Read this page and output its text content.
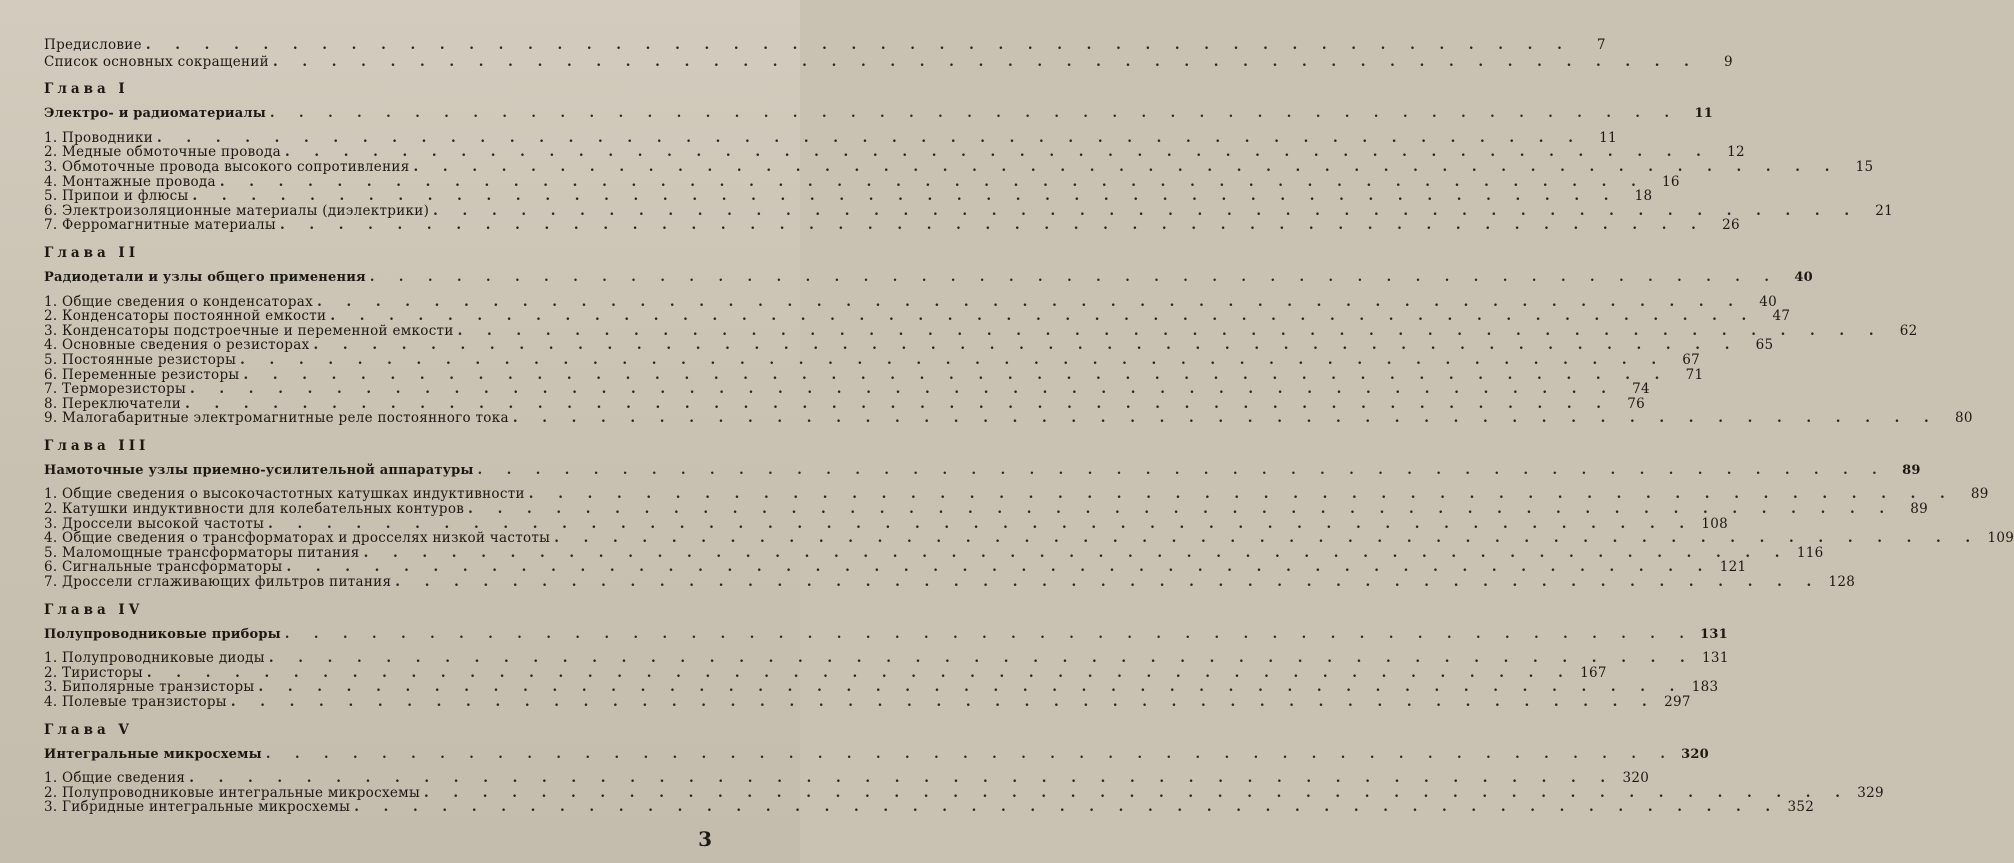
Предисловие . . . . . . . . . . . . . . . . . . . . . . . . . . . . . . . . . . . . . . . . . . . . . . . . .	7
Список основных сокращений . . . . . . . . . . . . . . . . . . . . . . . . . . . . . . . . . . . . . . . . . . . . . . . . .	9
Глава I
Электро- и радиоматериалы . . . . . . . . . . . . . . . . . . . . . . . . . . . . . . . . . . . . . . . . . . . . . . . . .	11
1. Проводники . . . . . . . . . . . . . . . . . . . . . . . . . . . . . . . . . . . . . . . . . . . . . . . . .	11
2. Медные обмоточные провода . . . . . . . . . . . . . . . . . . . . . . . . . . . . . . . . . . . . . . . . . . . . . . . . .	12
3. Обмоточные провода высокого сопротивления . . . . . . . . . . . . . . . . . . . . . . . . . . . . . . . . . . . . . . . . . . . . . . . . .	15
4. Монтажные провода . . . . . . . . . . . . . . . . . . . . . . . . . . . . . . . . . . . . . . . . . . . . . . . . .	16
5. Припои и флюсы . . . . . . . . . . . . . . . . . . . . . . . . . . . . . . . . . . . . . . . . . . . . . . . . .	18
6. Электроизоляционные материалы (диэлектрики) . . . . . . . . . . . . . . . . . . . . . . . . . . . . . . . . . . . . . . . . . . . . . . . . .	21
7. Ферромагнитные материалы . . . . . . . . . . . . . . . . . . . . . . . . . . . . . . . . . . . . . . . . . . . . . . . . .	26
Глава II
Радиодетали и узлы общего применения . . . . . . . . . . . . . . . . . . . . . . . . . . . . . . . . . . . . . . . . . . . . . . . . .	40
1. Общие сведения о конденсаторах . . . . . . . . . . . . . . . . . . . . . . . . . . . . . . . . . . . . . . . . . . . . . . . . .	40
2. Конденсаторы постоянной емкости . . . . . . . . . . . . . . . . . . . . . . . . . . . . . . . . . . . . . . . . . . . . . . . . .	47
3. Конденсаторы подстроечные и переменной емкости . . . . . . . . . . . . . . . . . . . . . . . . . . . . . . . . . . . . . . . . . . . . . . . . .	62
4. Основные сведения о резисторах . . . . . . . . . . . . . . . . . . . . . . . . . . . . . . . . . . . . . . . . . . . . . . . . .	65
5. Постоянные резисторы . . . . . . . . . . . . . . . . . . . . . . . . . . . . . . . . . . . . . . . . . . . . . . . . .	67
6. Переменные резисторы . . . . . . . . . . . . . . . . . . . . . . . . . . . . . . . . . . . . . . . . . . . . . . . . .	71
7. Терморезисторы . . . . . . . . . . . . . . . . . . . . . . . . . . . . . . . . . . . . . . . . . . . . . . . . .	74
8. Переключатели . . . . . . . . . . . . . . . . . . . . . . . . . . . . . . . . . . . . . . . . . . . . . . . . .	76
9. Малогабаритные электромагнитные реле постоянного тока . . . . . . . . . . . . . . . . . . . . . . . . . . . . . . . . . . . . . . . . . . . . . . . . .	80
Глава III
Намоточные узлы приемно-усилительной аппаратуры . . . . . . . . . . . . . . . . . . . . . . . . . . . . . . . . . . . . . . . . . . . . . . . . .	89
1. Общие сведения о высокочастотных катушках индуктивности . . . . . . . . . . . . . . . . . . . . . . . . . . . . . . . . . . . . . . . . . . . . . . . . .	89
2. Катушки индуктивности для колебательных контуров . . . . . . . . . . . . . . . . . . . . . . . . . . . . . . . . . . . . . . . . . . . . . . . . .	89
3. Дроссели высокой частоты . . . . . . . . . . . . . . . . . . . . . . . . . . . . . . . . . . . . . . . . . . . . . . . . . 108
4. Общие сведения о трансформаторах и дросселях низкой частоты . . . . . . . . . . . . . . . . . . . . . . . . . . . . . . . . . . . . . . . . . . . . . . . . . 109
5. Маломощные трансформаторы питания . . . . . . . . . . . . . . . . . . . . . . . . . . . . . . . . . . . . . . . . . . . . . . . . . 116
6. Сигнальные трансформаторы . . . . . . . . . . . . . . . . . . . . . . . . . . . . . . . . . . . . . . . . . . . . . . . . . 121
7. Дроссели сглаживающих фильтров питания . . . . . . . . . . . . . . . . . . . . . . . . . . . . . . . . . . . . . . . . . . . . . . . . . 128
Глава IV
Полупроводниковые приборы . . . . . . . . . . . . . . . . . . . . . . . . . . . . . . . . . . . . . . . . . . . . . . . . . 131
1. Полупроводниковые диоды . . . . . . . . . . . . . . . . . . . . . . . . . . . . . . . . . . . . . . . . . . . . . . . . . 131
2. Тиристоры . . . . . . . . . . . . . . . . . . . . . . . . . . . . . . . . . . . . . . . . . . . . . . . . . 167
3. Биполярные транзисторы . . . . . . . . . . . . . . . . . . . . . . . . . . . . . . . . . . . . . . . . . . . . . . . . . 183
4. Полевые транзисторы . . . . . . . . . . . . . . . . . . . . . . . . . . . . . . . . . . . . . . . . . . . . . . . . . 297
Глава V
Интегральные микросхемы . . . . . . . . . . . . . . . . . . . . . . . . . . . . . . . . . . . . . . . . . . . . . . . . . 320
1. Общие сведения . . . . . . . . . . . . . . . . . . . . . . . . . . . . . . . . . . . . . . . . . . . . . . . . . 320
2. Полупроводниковые интегральные микросхемы . . . . . . . . . . . . . . . . . . . . . . . . . . . . . . . . . . . . . . . . . . . . . . . . . 329
3. Гибридные интегральные микросхемы . . . . . . . . . . . . . . . . . . . . . . . . . . . . . . . . . . . . . . . . . . . . . . . . . 352
3
